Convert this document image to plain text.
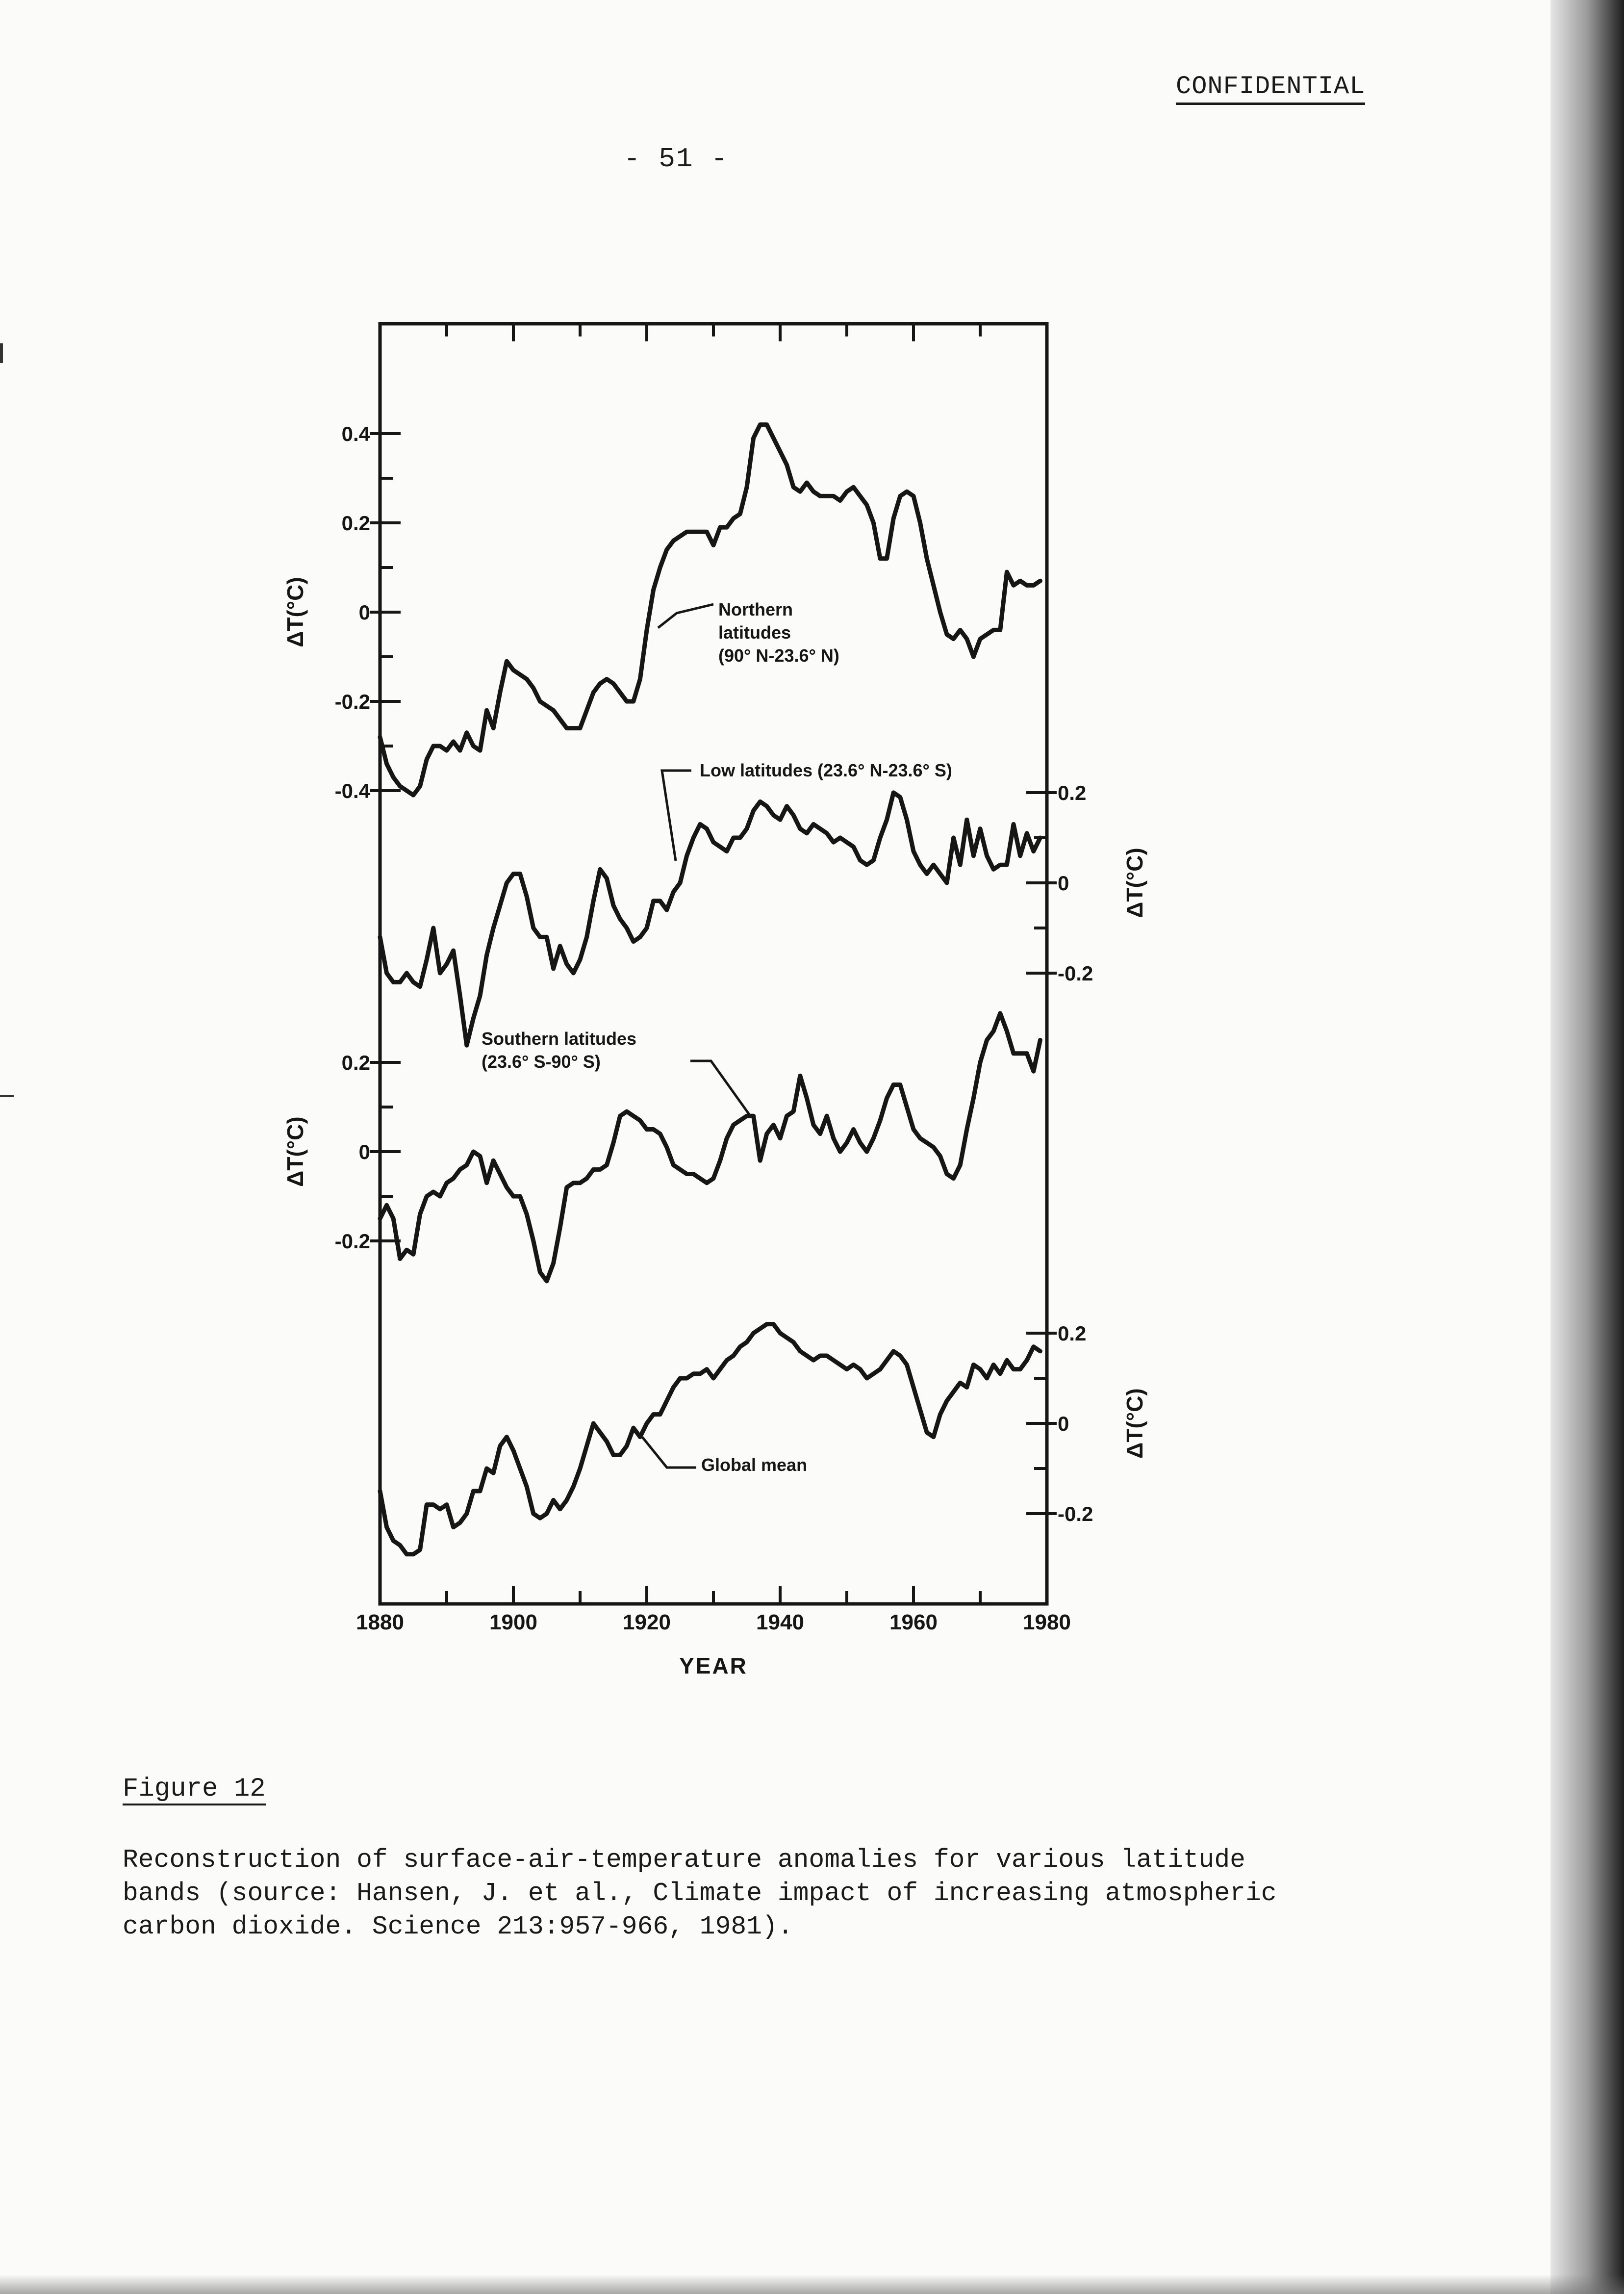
CONFIDENTIAL
- 51 -
1880	1900	1920	1940	1960	1980
YEAR
0.4
0.2
0
-0.2
-0.4
ΔT(°C)	Northern
latitudes
(90° N-23.6° N)
0.2
0
-0.2
ΔT(°C)
Low latitudes (23.6° N-23.6° S)
0.2
0
-0.2
ΔT(°C)
Southern latitudes
(23.6° S-90° S)
0.2
0
-0.2
ΔT(°C)
Global mean
Figure 12
Reconstruction of surface-air-temperature anomalies for various latitude
bands (source: Hansen, J. et al., Climate impact of increasing atmospheric
carbon dioxide. Science 213:957-966, 1981).
